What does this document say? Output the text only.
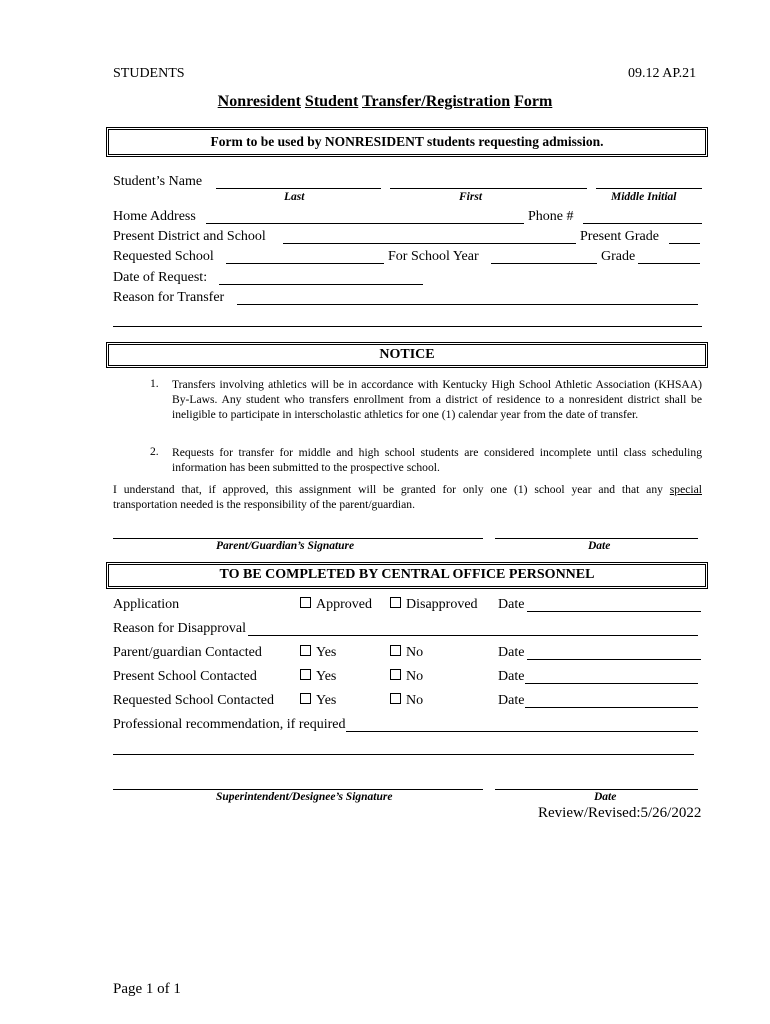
STUDENTS	09.12 AP.21
Nonresident Student Transfer/Registration Form
Form to be used by NONRESIDENT students requesting admission.
Student’s Name
Last	First	Middle Initial
Home Address	Phone #
Present District and School	Present Grade
Requested School	For School Year	Grade
Date of Request:
Reason for Transfer
NOTICE
1. Transfers involving athletics will be in accordance with Kentucky High School Athletic Association (KHSAA) By-Laws. Any student who transfers enrollment from a district of residence to a nonresident district shall be ineligible to participate in interscholastic athletics for one (1) calendar year from the date of transfer.
2. Requests for transfer for middle and high school students are considered incomplete until class scheduling information has been submitted to the prospective school.
I understand that, if approved, this assignment will be granted for only one (1) school year and that any special
transportation needed is the responsibility of the parent/guardian.
Parent/Guardian’s Signature	Date
TO BE COMPLETED BY CENTRAL OFFICE PERSONNEL
Application	Approved	Disapproved Date
Reason for Disapproval
Parent/guardian Contacted	Yes	No	Date
Present School Contacted	Yes	No	Date
Requested School Contacted	Yes	No	Date
Professional recommendation, if required
Superintendent/Designee’s Signature	Date
Review/Revised:5/26/2022
Page 1 of 1
